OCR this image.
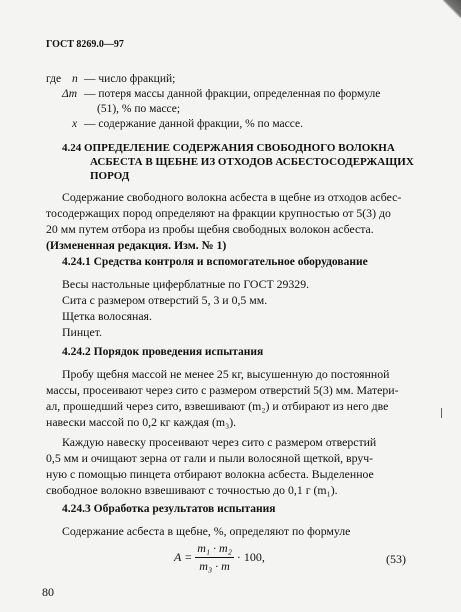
ГОСТ 8269.0—97
где n — число фракций;
Δm — потеря массы данной фракции, определенная по формуле
(51), % по массе;
x — содержание данной фракции, % по массе.
4.24 ОПРЕДЕЛЕНИЕ СОДЕРЖАНИЯ СВОБОДНОГО ВОЛОКНА
АСБЕСТА В ЩЕБНЕ ИЗ ОТХОДОВ АСБЕСТОСОДЕРЖАЩИХ
ПОРОД
Содержание свободного волокна асбеста в щебне из отходов асбес-
тосодержащих пород определяют на фракции крупностью от 5(3) до
20 мм путем отбора из пробы щебня свободных волокон асбеста.
(Измененная редакция. Изм. № 1)
4.24.1 Средства контроля и вспомогательное оборудование
Весы настольные циферблатные по ГОСТ 29329.
Сита с размером отверстий 5, 3 и 0,5 мм.
Щетка волосяная.
Пинцет.
4.24.2 Порядок проведения испытания
Пробу щебня массой не менее 25 кг, высушенную до постоянной
массы, просеивают через сито с размером отверстий 5(3) мм. Матери-
ал, прошедший через сито, взвешивают (m₂) и отбирают из него две
навески массой по 0,2 кг каждая (m₃).
Каждую навеску просеивают через сито с размером отверстий
0,5 мм и очищают зерна от гали и пыли волосяной щеткой, вруч-
ную с помощью пинцета отбирают волокна асбеста. Выделенное
свободное волокно взвешивают с точностью до 0,1 г (m₁).
4.24.3 Обработка результатов испытания
Содержание асбеста в щебне, %, определяют по формуле
$A = \frac{\text{m₁ · m₂}}{\text{m₃ · m}} \cdot 100$,	(53)
80
